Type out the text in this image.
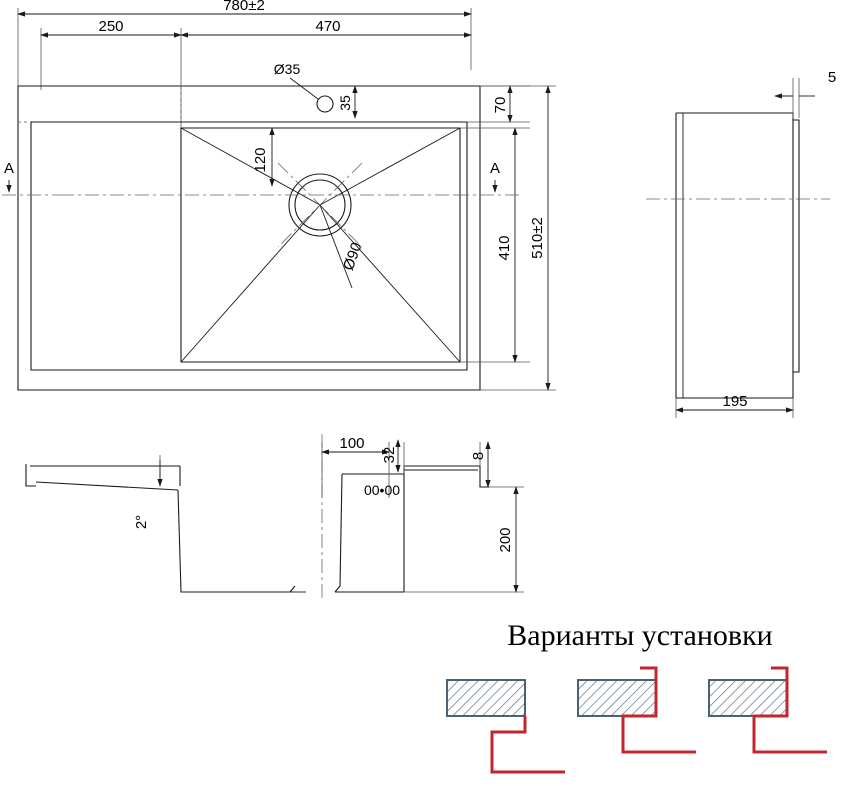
780±2
250	470
Ø35
35	70
410 510±2
120
Ø90
A	A
5
195
2°
100
32
00•00
8
200
Варианты установки
